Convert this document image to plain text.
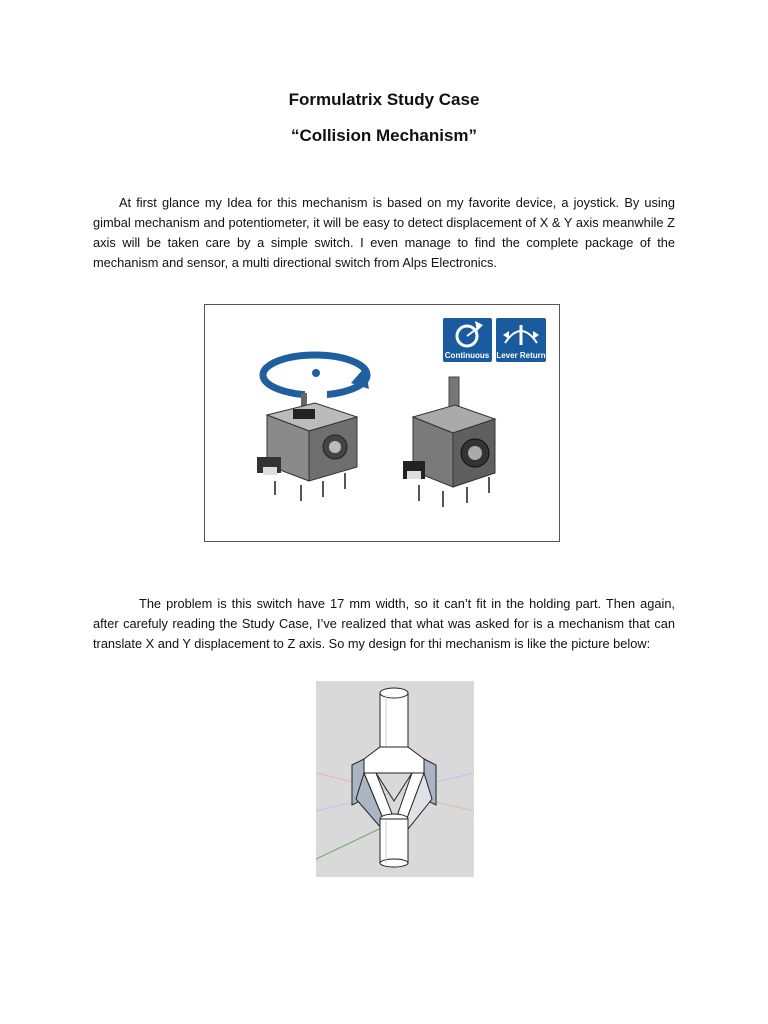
Formulatrix Study Case
“Collision Mechanism”
At first glance my Idea for this mechanism is based on my favorite device, a joystick. By using gimbal mechanism and potentiometer, it will be easy to detect displacement of X & Y axis meanwhile Z axis will be taken care by a simple switch. I even manage to find the complete package of the mechanism and sensor, a multi directional switch from Alps Electronics.
Continuous Lever Return
The problem is this switch have 17 mm width, so it can’t fit in the holding part. Then again, after carefuly reading the Study Case, I’ve realized that what was asked for is a mechanism that can translate X and Y displacement to Z axis. So my design for thi mechanism is like the picture below:
